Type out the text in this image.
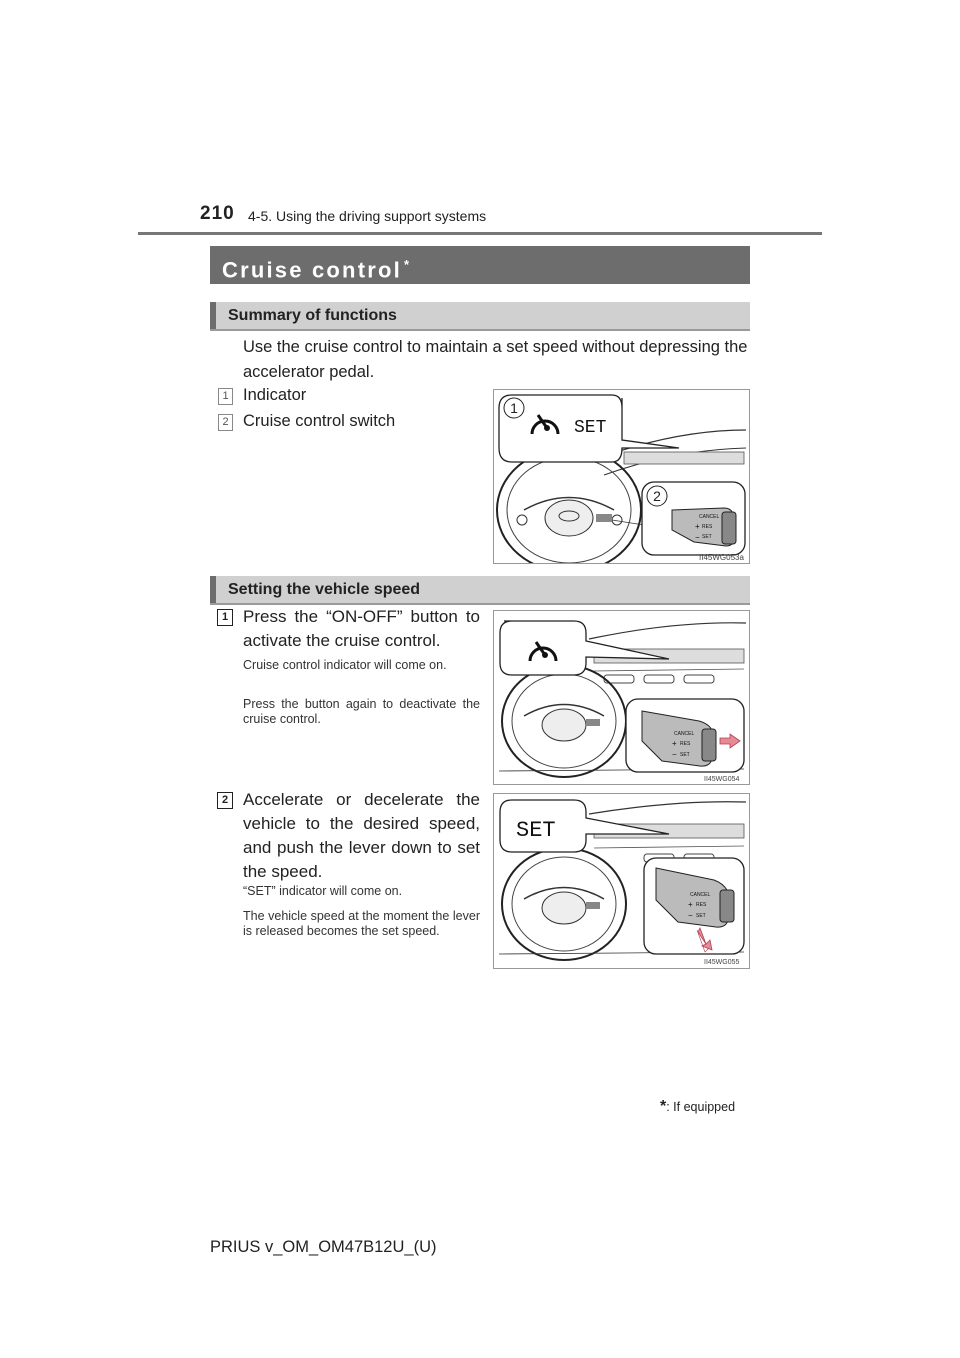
210 4-5. Using the driving support systems
Cruise control *
Summary of functions
Use the cruise control to maintain a set speed without depressing the accelerator pedal.
1 Indicator
2 Cruise control switch
1
SET
2
CANCEL
RES
SET
+
−
II45WG053a
Setting the vehicle speed
1 Press the “ON-OFF” button to activate the cruise control.
Cruise control indicator will come on.
Press the button again to deactivate the cruise control.
CANCEL
RES
SET
+
−
II45WG054
2 Accelerate or decelerate the vehicle to the desired speed, and push the lever down to set the speed.
“SET” indicator will come on.
The vehicle speed at the moment the lever is released becomes the set speed.
SET
CANCEL
RES
SET
+
−
II45WG055
*: If equipped
PRIUS v_OM_OM47B12U_(U)
